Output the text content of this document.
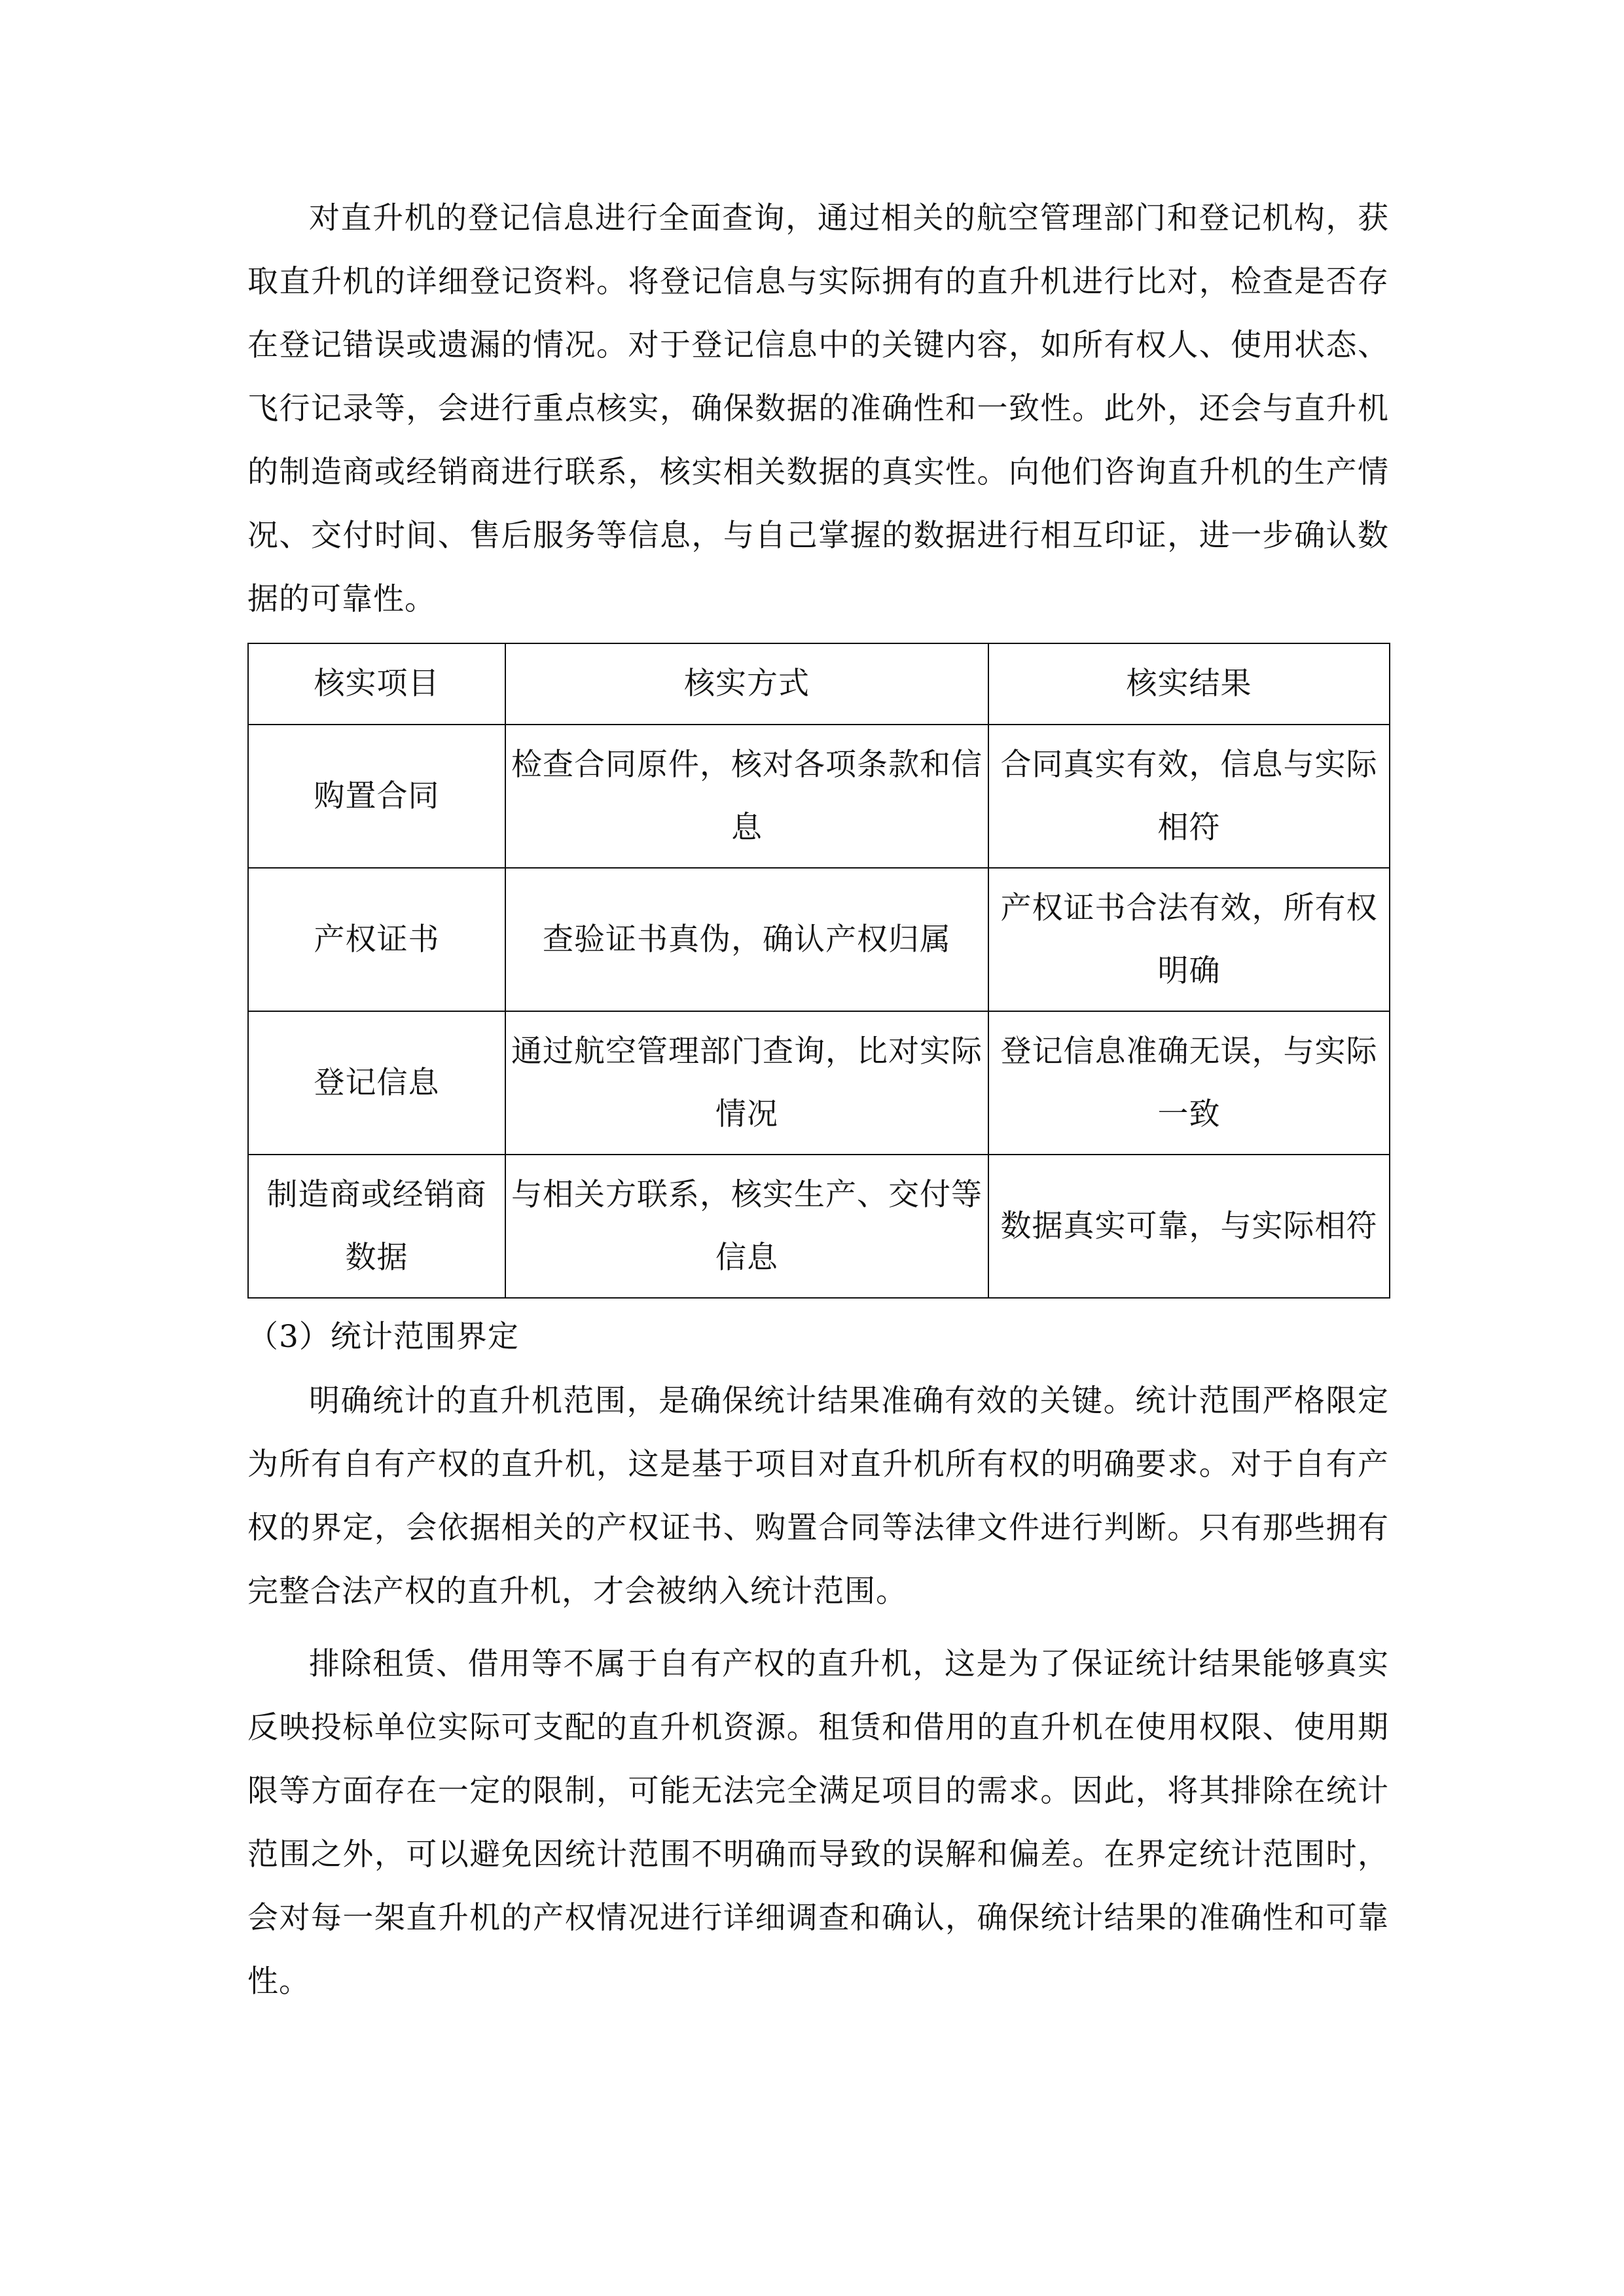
对直升机的登记信息进行全面查询，通过相关的航空管理部门和登记机构，获取直升机的详细登记资料。将登记信息与实际拥有的直升机进行比对，检查是否存在登记错误或遗漏的情况。对于登记信息中的关键内容，如所有权人、使用状态、飞行记录等，会进行重点核实，确保数据的准确性和一致性。此外，还会与直升机的制造商或经销商进行联系，核实相关数据的真实性。向他们咨询直升机的生产情况、交付时间、售后服务等信息，与自己掌握的数据进行相互印证，进一步确认数据的可靠性。

核实项目	核实方式	核实结果
购置合同	检查合同原件，核对各项条款和信息	合同真实有效，信息与实际相符
产权证书	查验证书真伪，确认产权归属	产权证书合法有效，所有权明确
登记信息	通过航空管理部门查询，比对实际情况	登记信息准确无误，与实际一致
制造商或经销商数据	与相关方联系，核实生产、交付等信息	数据真实可靠，与实际相符
（3）统计范围界定

明确统计的直升机范围，是确保统计结果准确有效的关键。统计范围严格限定为所有自有产权的直升机，这是基于项目对直升机所有权的明确要求。对于自有产权的界定，会依据相关的产权证书、购置合同等法律文件进行判断。只有那些拥有完整合法产权的直升机，才会被纳入统计范围。

排除租赁、借用等不属于自有产权的直升机，这是为了保证统计结果能够真实反映投标单位实际可支配的直升机资源。租赁和借用的直升机在使用权限、使用期限等方面存在一定的限制，可能无法完全满足项目的需求。因此，将其排除在统计范围之外，可以避免因统计范围不明确而导致的误解和偏差。在界定统计范围时，会对每一架直升机的产权情况进行详细调查和确认，确保统计结果的准确性和可靠性。
